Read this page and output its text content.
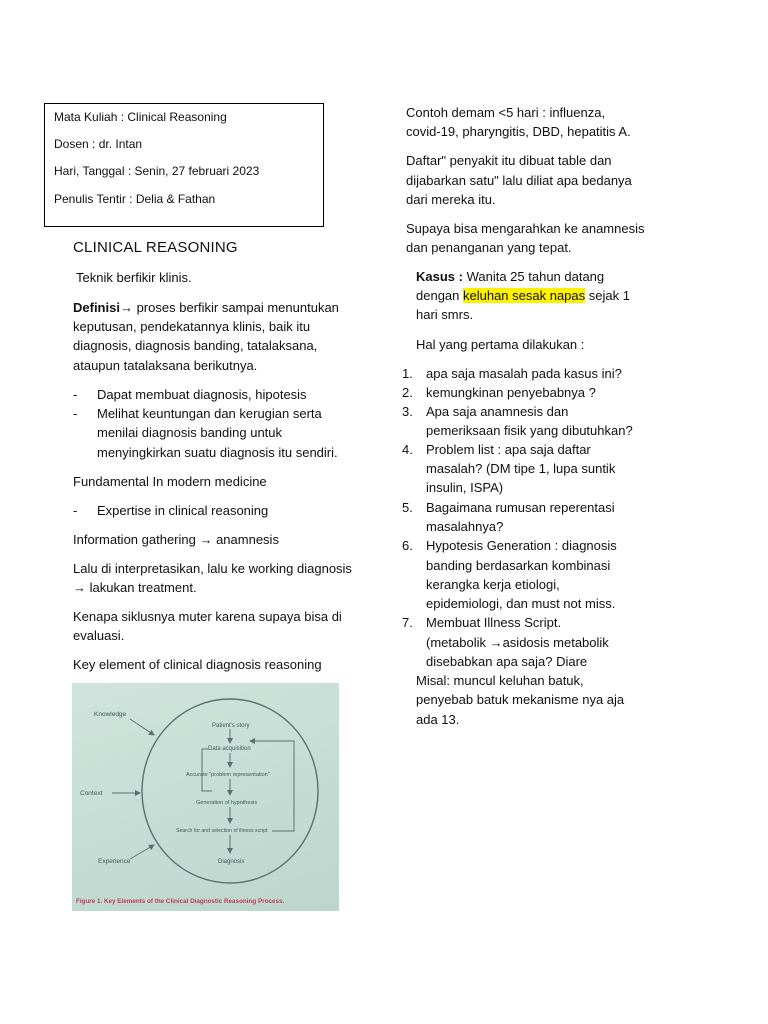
Mata Kuliah : Clinical Reasoning
Dosen : dr. Intan
Hari, Tanggal : Senin, 27 februari 2023
Penulis Tentir : Delia & Fathan
CLINICAL REASONING
Teknik berfikir klinis.
Definisi→ proses berfikir sampai menuntukan
keputusan, pendekatannya klinis, baik itu
diagnosis, diagnosis banding, tatalaksana,
ataupun tatalaksana berikutnya.
- Dapat membuat diagnosis, hipotesis
- Melihat keuntungan dan kerugian serta
menilai diagnosis banding untuk
menyingkirkan suatu diagnosis itu sendiri.
Fundamental In modern medicine
- Expertise in clinical reasoning
Information gathering → anamnesis
Lalu di interpretasikan, lalu ke working diagnosis
→ lakukan treatment.
Kenapa siklusnya muter karena supaya bisa di
evaluasi.
Key element of clinical diagnosis reasoning
Knowledge
Context
Experience
Patient's story
Data acquisition
Accurate "problem representation"
Generation of hypothesis
Search for and selection of illness script
Diagnosis
Figure 1. Key Elements of the Clinical Diagnostic Reasoning Process.
Contoh demam <5 hari : influenza,
covid-19, pharyngitis, DBD, hepatitis A.
Daftar" penyakit itu dibuat table dan
dijabarkan satu" lalu diliat apa bedanya
dari mereka itu.
Supaya bisa mengarahkan ke anamnesis
dan penanganan yang tepat.
Kasus : Wanita 25 tahun datang
dengan keluhan sesak napas sejak 1
hari smrs.
Hal yang pertama dilakukan :
1. apa saja masalah pada kasus ini?
2. kemungkinan penyebabnya ?
3. Apa saja anamnesis dan
pemeriksaan fisik yang dibutuhkan?
4. Problem list : apa saja daftar
masalah? (DM tipe 1, lupa suntik
insulin, ISPA)
5. Bagaimana rumusan reperentasi
masalahnya?
6. Hypotesis Generation : diagnosis
banding berdasarkan kombinasi
kerangka kerja etiologi,
epidemiologi, dan must not miss.
7. Membuat Illness Script.
(metabolik →asidosis metabolik
disebabkan apa saja? Diare
Misal: muncul keluhan batuk,
penyebab batuk mekanisme nya aja
ada 13.
